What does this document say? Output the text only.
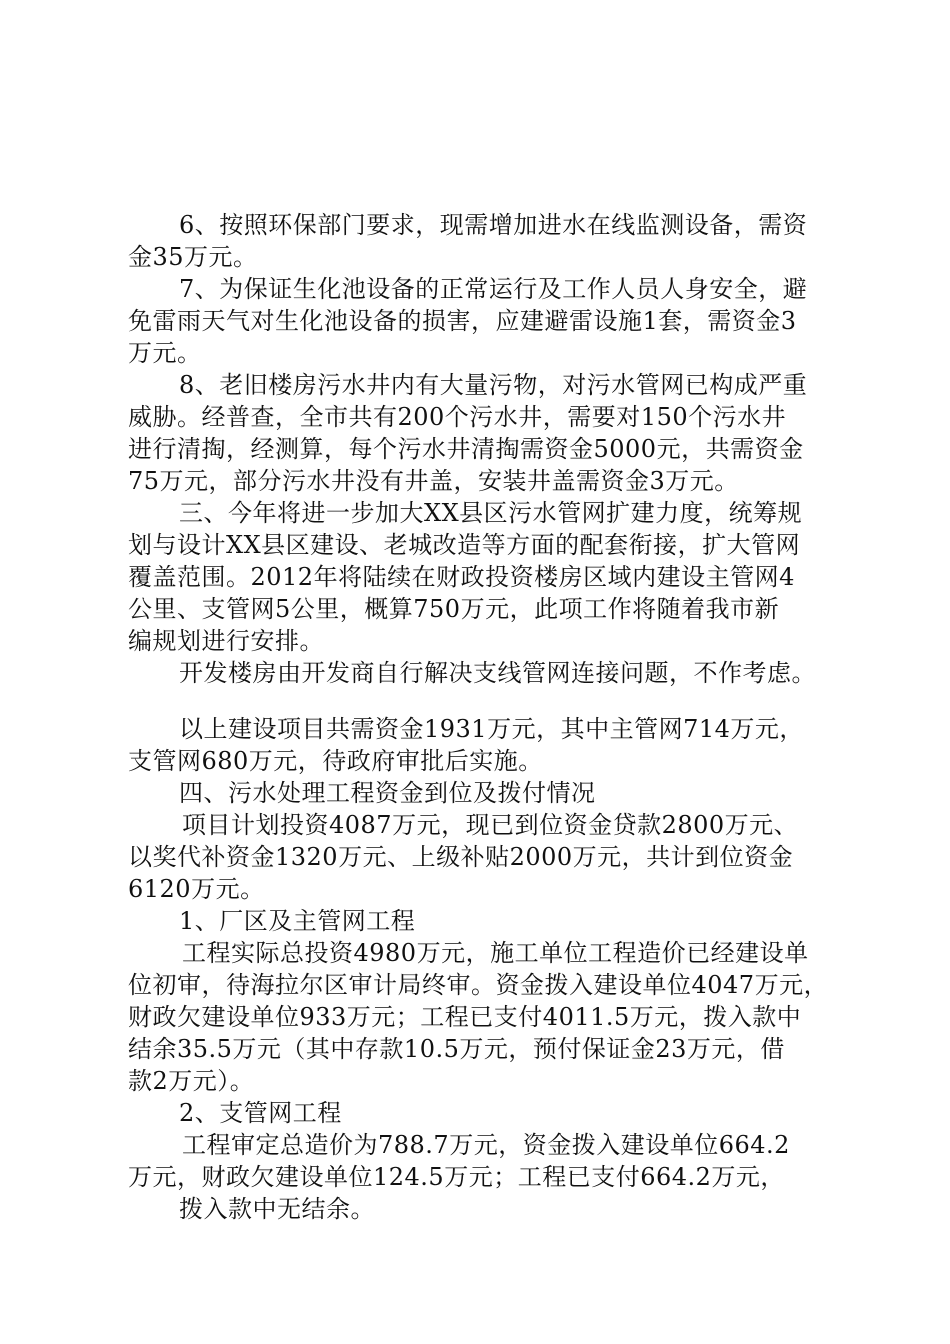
6、按照环保部门要求，现需增加进水在线监测设备，需资
金35万元。
7、为保证生化池设备的正常运行及工作人员人身安全，避
免雷雨天气对生化池设备的损害，应建避雷设施1套，需资金3
万元。
8、老旧楼房污水井内有大量污物，对污水管网已构成严重
威胁。经普查，全市共有200个污水井，需要对150个污水井
进行清掏，经测算，每个污水井清掏需资金5000元，共需资金
75万元，部分污水井没有井盖，安装井盖需资金3万元。
三、今年将进一步加大XX县区污水管网扩建力度，统筹规
划与设计XX县区建设、老城改造等方面的配套衔接，扩大管网
覆盖范围。2012年将陆续在财政投资楼房区域内建设主管网4
公里、支管网5公里，概算750万元，此项工作将随着我市新
编规划进行安排。
开发楼房由开发商自行解决支线管网连接问题，不作考虑。
以上建设项目共需资金1931万元，其中主管网714万元，
支管网680万元，待政府审批后实施。
四、污水处理工程资金到位及拨付情况
项目计划投资4087万元，现已到位资金贷款2800万元、
以奖代补资金1320万元、上级补贴2000万元，共计到位资金
6120万元。
1、厂区及主管网工程
工程实际总投资4980万元，施工单位工程造价已经建设单
位初审，待海拉尔区审计局终审。资金拨入建设单位4047万元，
财政欠建设单位933万元；工程已支付4011.5万元，拨入款中
结余35.5万元（其中存款10.5万元，预付保证金23万元，借
款2万元）。
2、支管网工程
工程审定总造价为788.7万元，资金拨入建设单位664.2
万元，财政欠建设单位124.5万元；工程已支付664.2万元，
拨入款中无结余。
